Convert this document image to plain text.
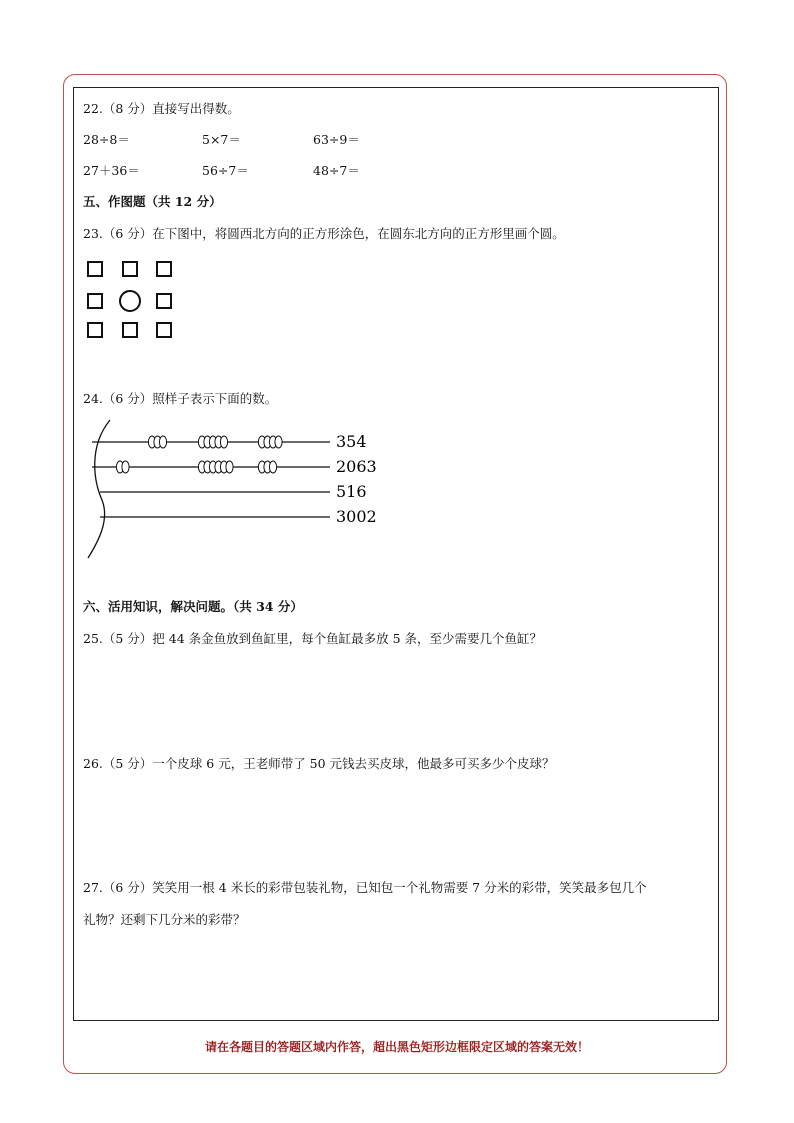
22.（8 分）直接写出得数。
28÷8＝	5×7＝	63÷9＝
27＋36＝	56÷7＝	48÷7＝
五、作图题（共 12 分）
23.（6 分）在下图中，将圆西北方向的正方形涂色，在圆东北方向的正方形里画个圆。
24.（6 分）照样子表示下面的数。
354
2063
516
3002
六、活用知识，解决问题。（共 34 分）
25.（5 分）把 44 条金鱼放到鱼缸里，每个鱼缸最多放 5 条，至少需要几个鱼缸？
26.（5 分）一个皮球 6 元，王老师带了 50 元钱去买皮球，他最多可买多少个皮球？
27.（6 分）笑笑用一根 4 米长的彩带包装礼物，已知包一个礼物需要 7 分米的彩带，笑笑最多包几个
礼物？还剩下几分米的彩带？
请在各题目的答题区域内作答，超出黑色矩形边框限定区域的答案无效！
